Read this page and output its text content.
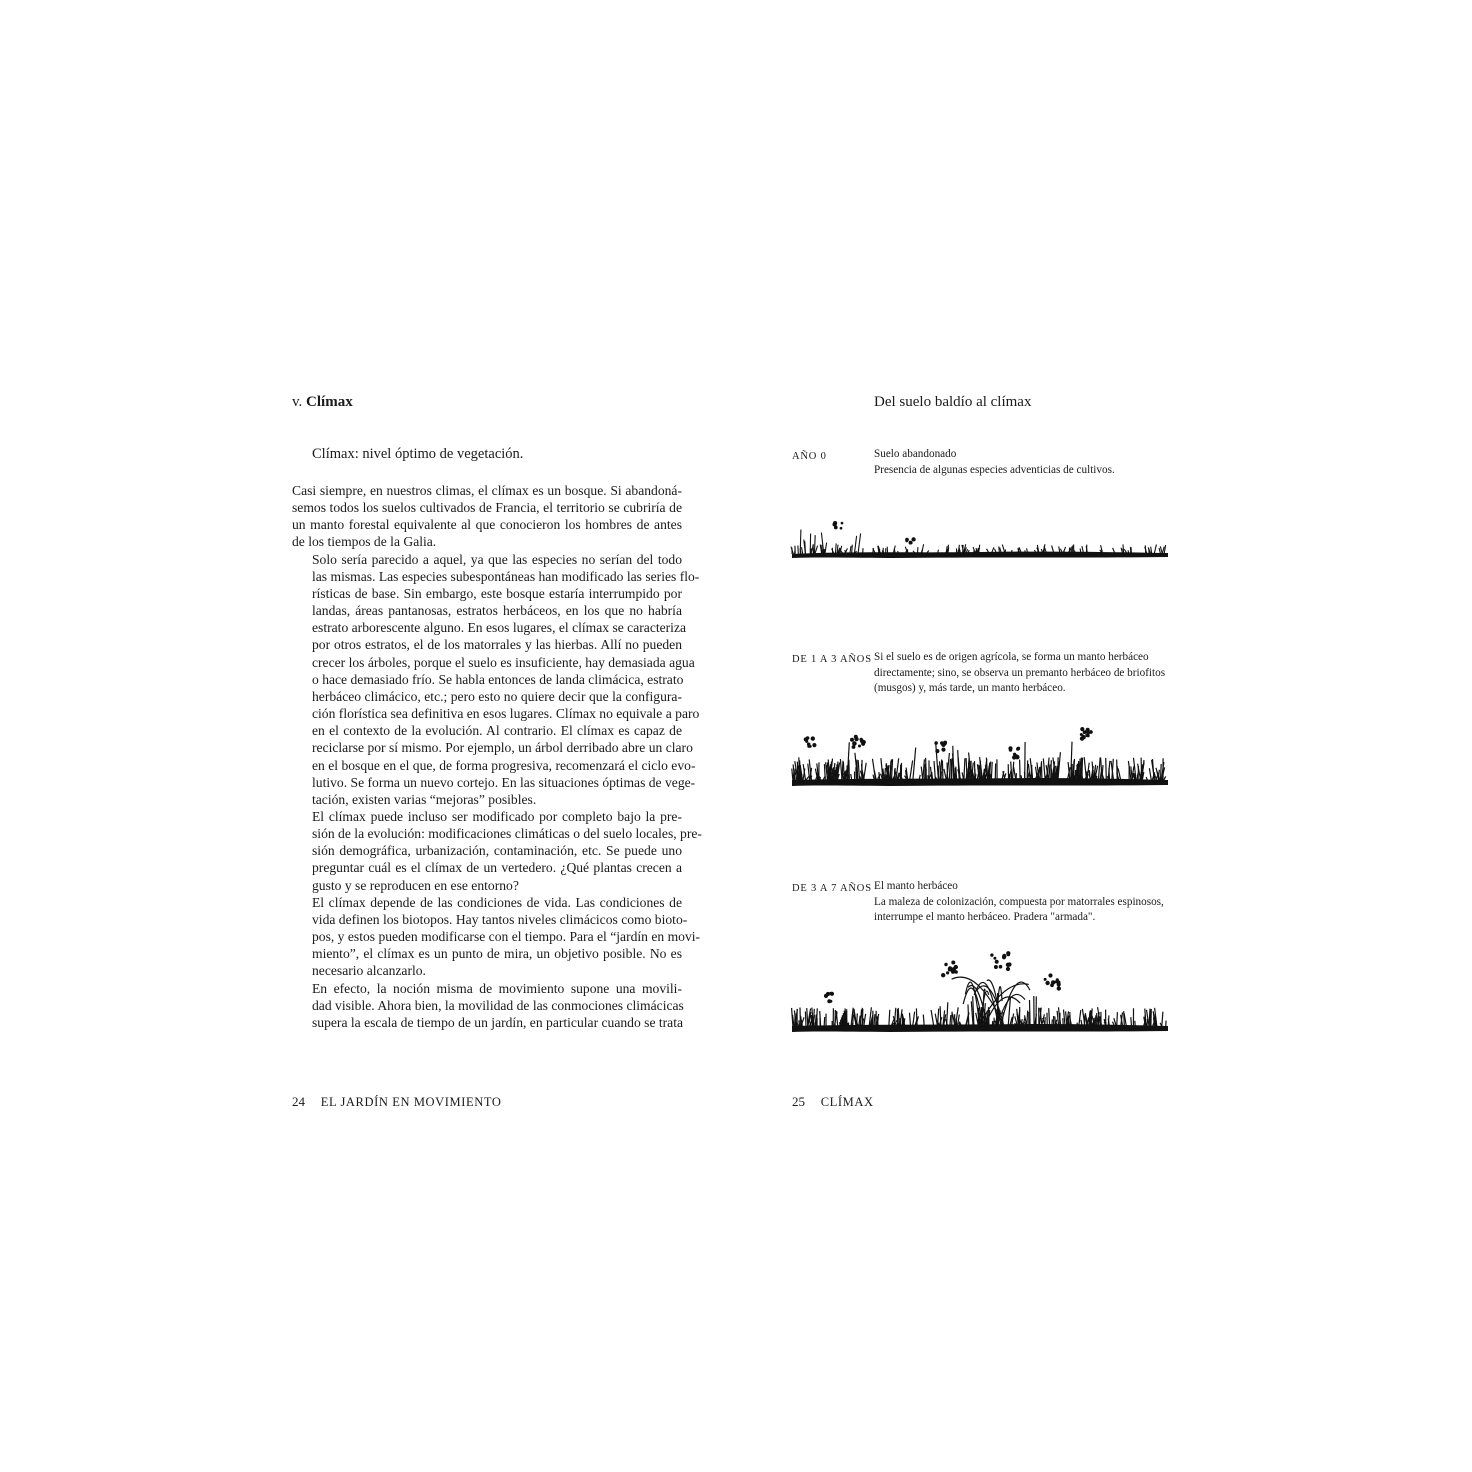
v. Clímax
Clímax: nivel óptimo de vegetación.

Casi siempre, en nuestros climas, el clímax es un bosque. Si abandoná-
semos todos los suelos cultivados de Francia, el territorio se cubriría de
un manto forestal equivalente al que conocieron los hombres de antes
de los tiempos de la Galia.

Solo sería parecido a aquel, ya que las especies no serían del todo
las mismas. Las especies subespontáneas han modificado las series flo-
rísticas de base. Sin embargo, este bosque estaría interrumpido por
landas, áreas pantanosas, estratos herbáceos, en los que no habría
estrato arborescente alguno. En esos lugares, el clímax se caracteriza
por otros estratos, el de los matorrales y las hierbas. Allí no pueden
crecer los árboles, porque el suelo es insuficiente, hay demasiada agua
o hace demasiado frío. Se habla entonces de landa climácica, estrato
herbáceo climácico, etc.; pero esto no quiere decir que la configura-
ción florística sea definitiva en esos lugares. Clímax no equivale a paro
en el contexto de la evolución. Al contrario. El clímax es capaz de
reciclarse por sí mismo. Por ejemplo, un árbol derribado abre un claro
en el bosque en el que, de forma progresiva, recomenzará el ciclo evo-
lutivo. Se forma un nuevo cortejo. En las situaciones óptimas de vege-
tación, existen varias “mejoras” posibles.

El clímax puede incluso ser modificado por completo bajo la pre-
sión de la evolución: modificaciones climáticas o del suelo locales, pre-
sión demográfica, urbanización, contaminación, etc. Se puede uno
preguntar cuál es el clímax de un vertedero. ¿Qué plantas crecen a
gusto y se reproducen en ese entorno?

El clímax depende de las condiciones de vida. Las condiciones de
vida definen los biotopos. Hay tantos niveles climácicos como bioto-
pos, y estos pueden modificarse con el tiempo. Para el “jardín en movi-
miento”, el clímax es un punto de mira, un objetivo posible. No es
necesario alcanzarlo.

En efecto, la noción misma de movimiento supone una movili-
dad visible. Ahora bien, la movilidad de las conmociones climácicas
supera la escala de tiempo de un jardín, en particular cuando se trata

24 EL JARDÍN EN MOVIMIENTO
Del suelo baldío al clímax
AÑO 0	Suelo abandonado
Presencia de algunas especies adventicias de cultivos.
DE 1 A 3 AÑOS Si el suelo es de origen agrícola, se forma un manto herbáceo
directamente; sino, se observa un premanto herbáceo de briofitos
(musgos) y, más tarde, un manto herbáceo.
DE 3 A 7 AÑOS El manto herbáceo
La maleza de colonización, compuesta por matorrales espinosos,
interrumpe el manto herbáceo. Pradera "armada".
25 CLÍMAX
